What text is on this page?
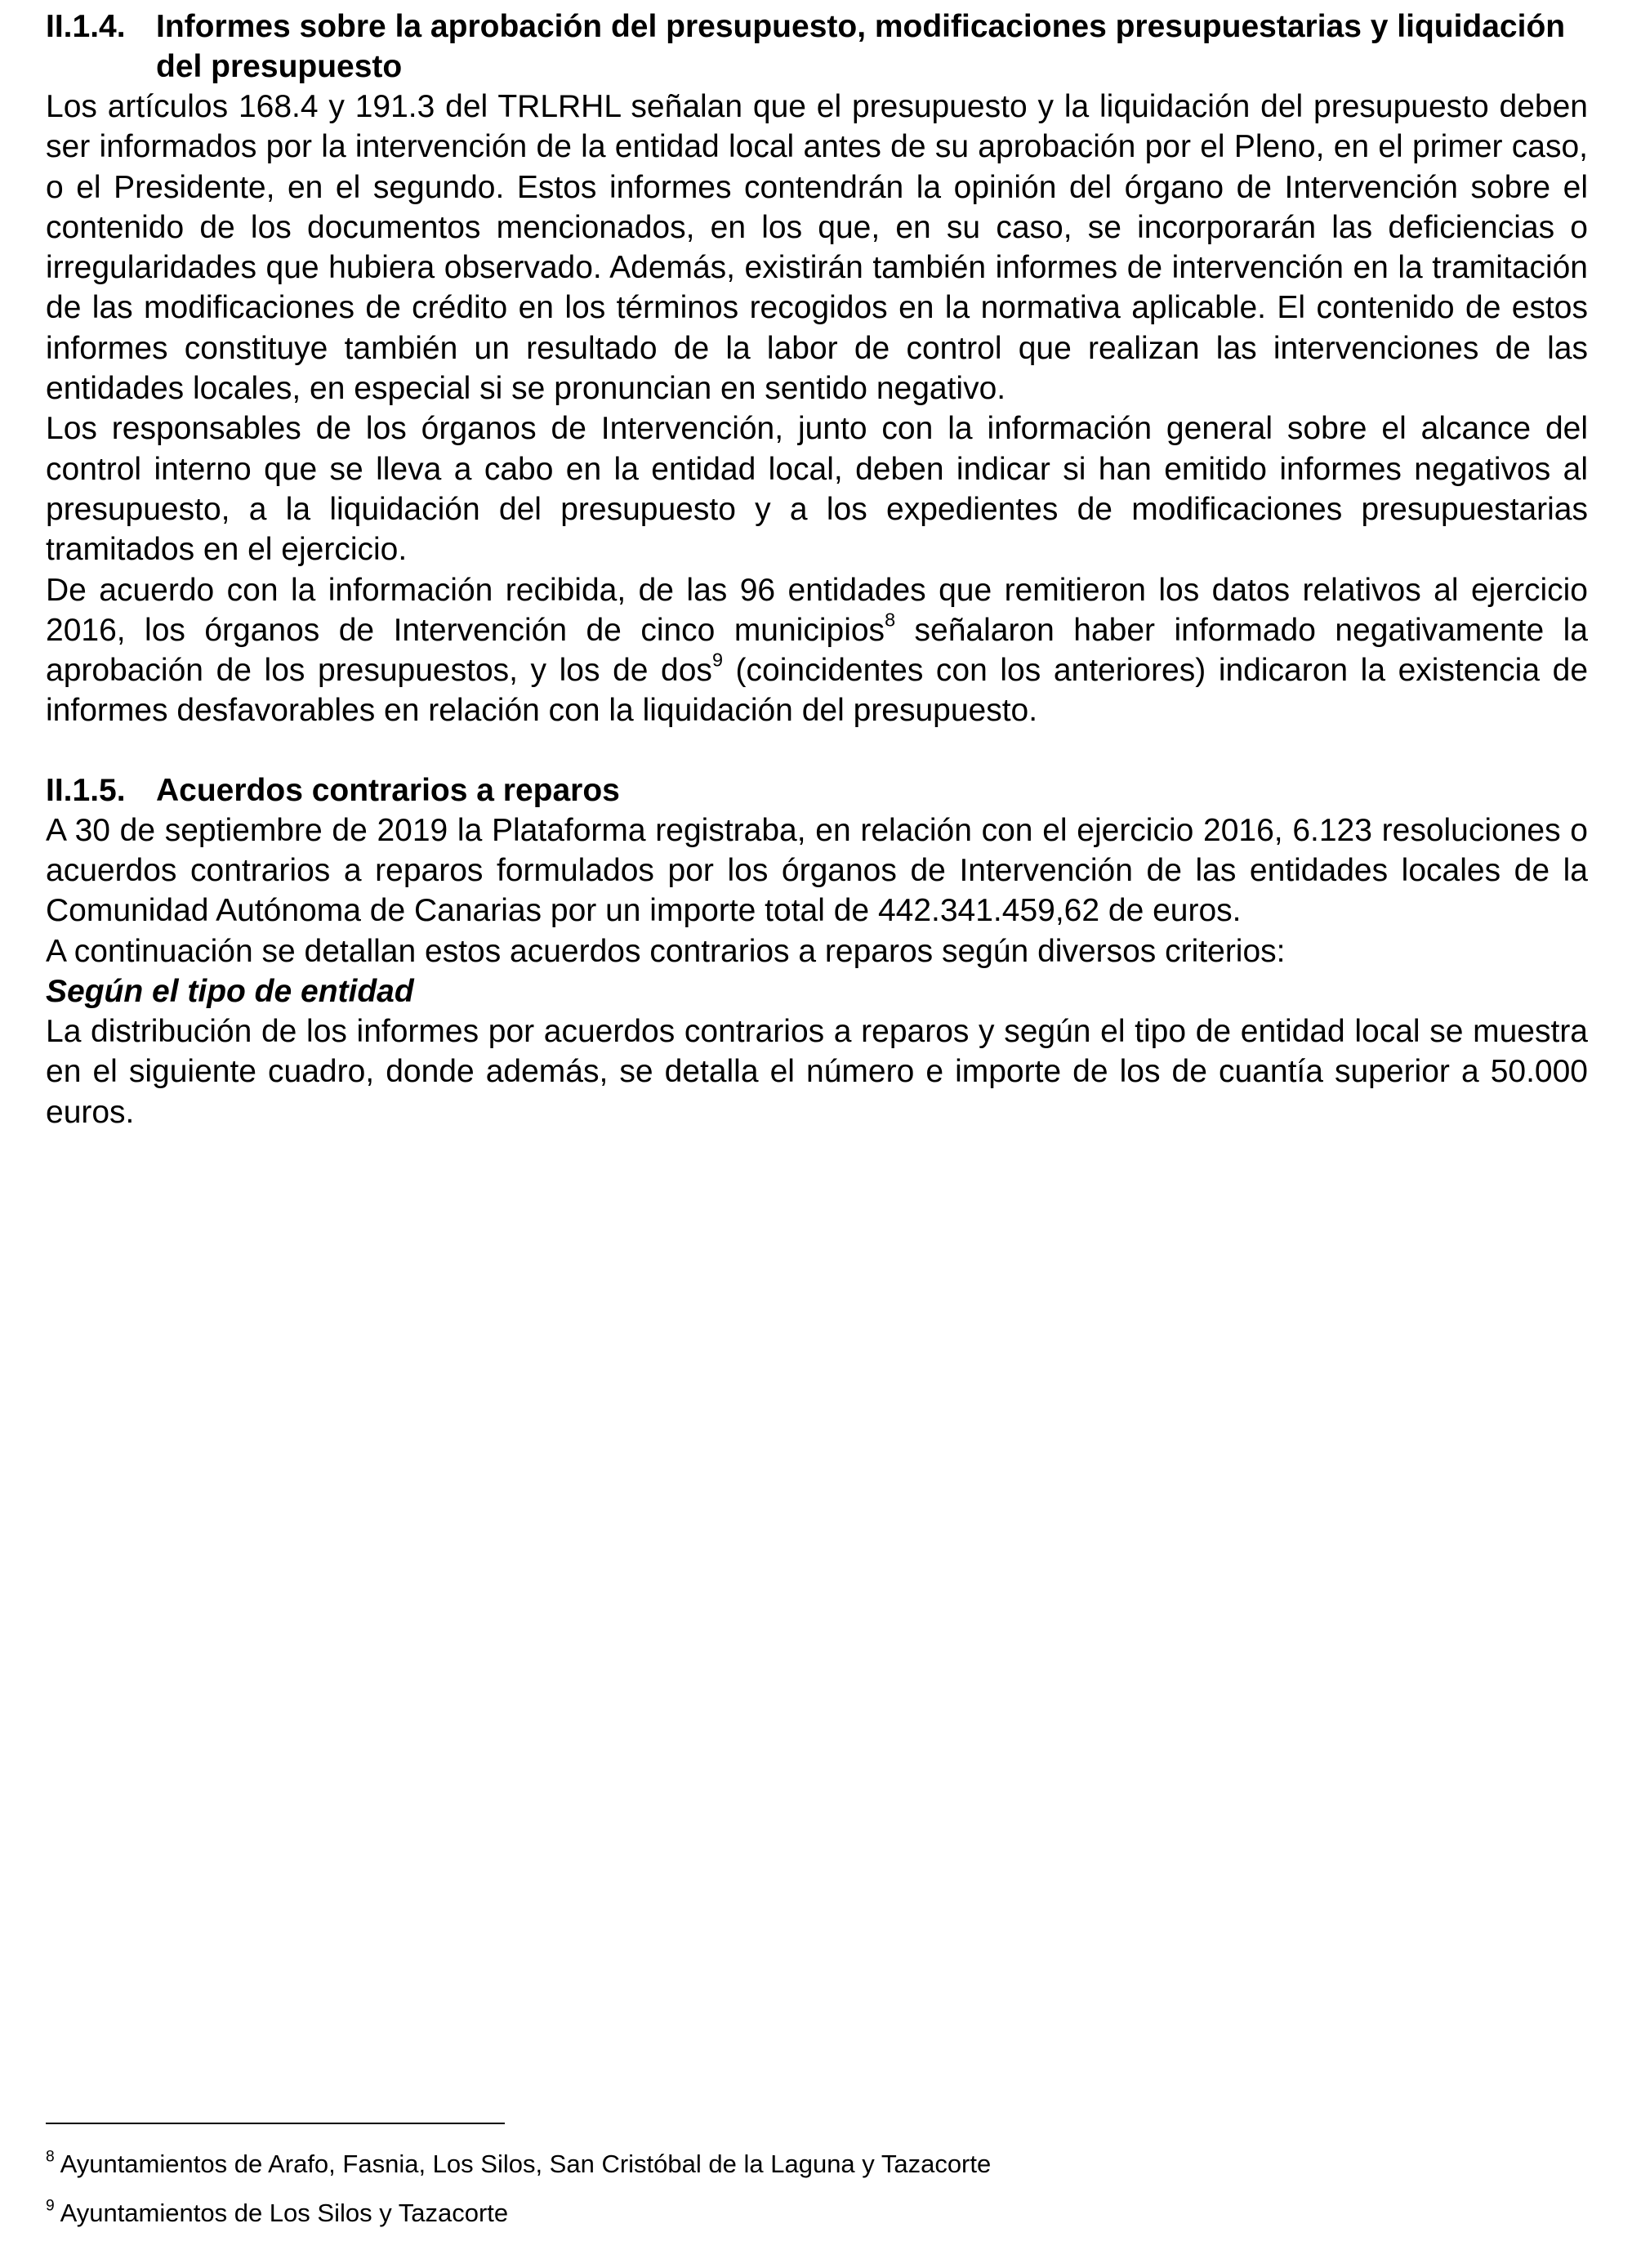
II.1.4. Informes sobre la aprobación del presupuesto, modificaciones presupuestarias y liquidación del presupuesto

Los artículos 168.4 y 191.3 del TRLRHL señalan que el presupuesto y la liquidación del presupuesto deben ser informados por la intervención de la entidad local antes de su aprobación por el Pleno, en el primer caso, o el Presidente, en el segundo. Estos informes contendrán la opinión del órgano de Intervención sobre el contenido de los documentos mencionados, en los que, en su caso, se incorporarán las deficiencias o irregularidades que hubiera observado. Además, existirán también informes de intervención en la tramitación de las modificaciones de crédito en los términos recogidos en la normativa aplicable. El contenido de estos informes constituye también un resultado de la labor de control que realizan las intervenciones de las entidades locales, en especial si se pronuncian en sentido negativo.

Los responsables de los órganos de Intervención, junto con la información general sobre el alcance del control interno que se lleva a cabo en la entidad local, deben indicar si han emitido informes negativos al presupuesto, a la liquidación del presupuesto y a los expedientes de modificaciones presupuestarias tramitados en el ejercicio.

De acuerdo con la información recibida, de las 96 entidades que remitieron los datos relativos al ejercicio 2016, los órganos de Intervención de cinco municipios$^8$ señalaron haber informado negativamente la aprobación de los presupuestos, y los de dos$^9$ (coincidentes con los anteriores) indicaron la existencia de informes desfavorables en relación con la liquidación del presupuesto.

II.1.5. Acuerdos contrarios a reparos

A 30 de septiembre de 2019 la Plataforma registraba, en relación con el ejercicio 2016, 6.123 resoluciones o acuerdos contrarios a reparos formulados por los órganos de Intervención de las entidades locales de la Comunidad Autónoma de Canarias por un importe total de 442.341.459,62 de euros.

A continuación se detallan estos acuerdos contrarios a reparos según diversos criterios:

Según el tipo de entidad

La distribución de los informes por acuerdos contrarios a reparos y según el tipo de entidad local se muestra en el siguiente cuadro, donde además, se detalla el número e importe de los de cuantía superior a 50.000 euros.

$^8$ Ayuntamientos de Arafo, Fasnia, Los Silos, San Cristóbal de la Laguna y Tazacorte

$^9$ Ayuntamientos de Los Silos y Tazacorte
